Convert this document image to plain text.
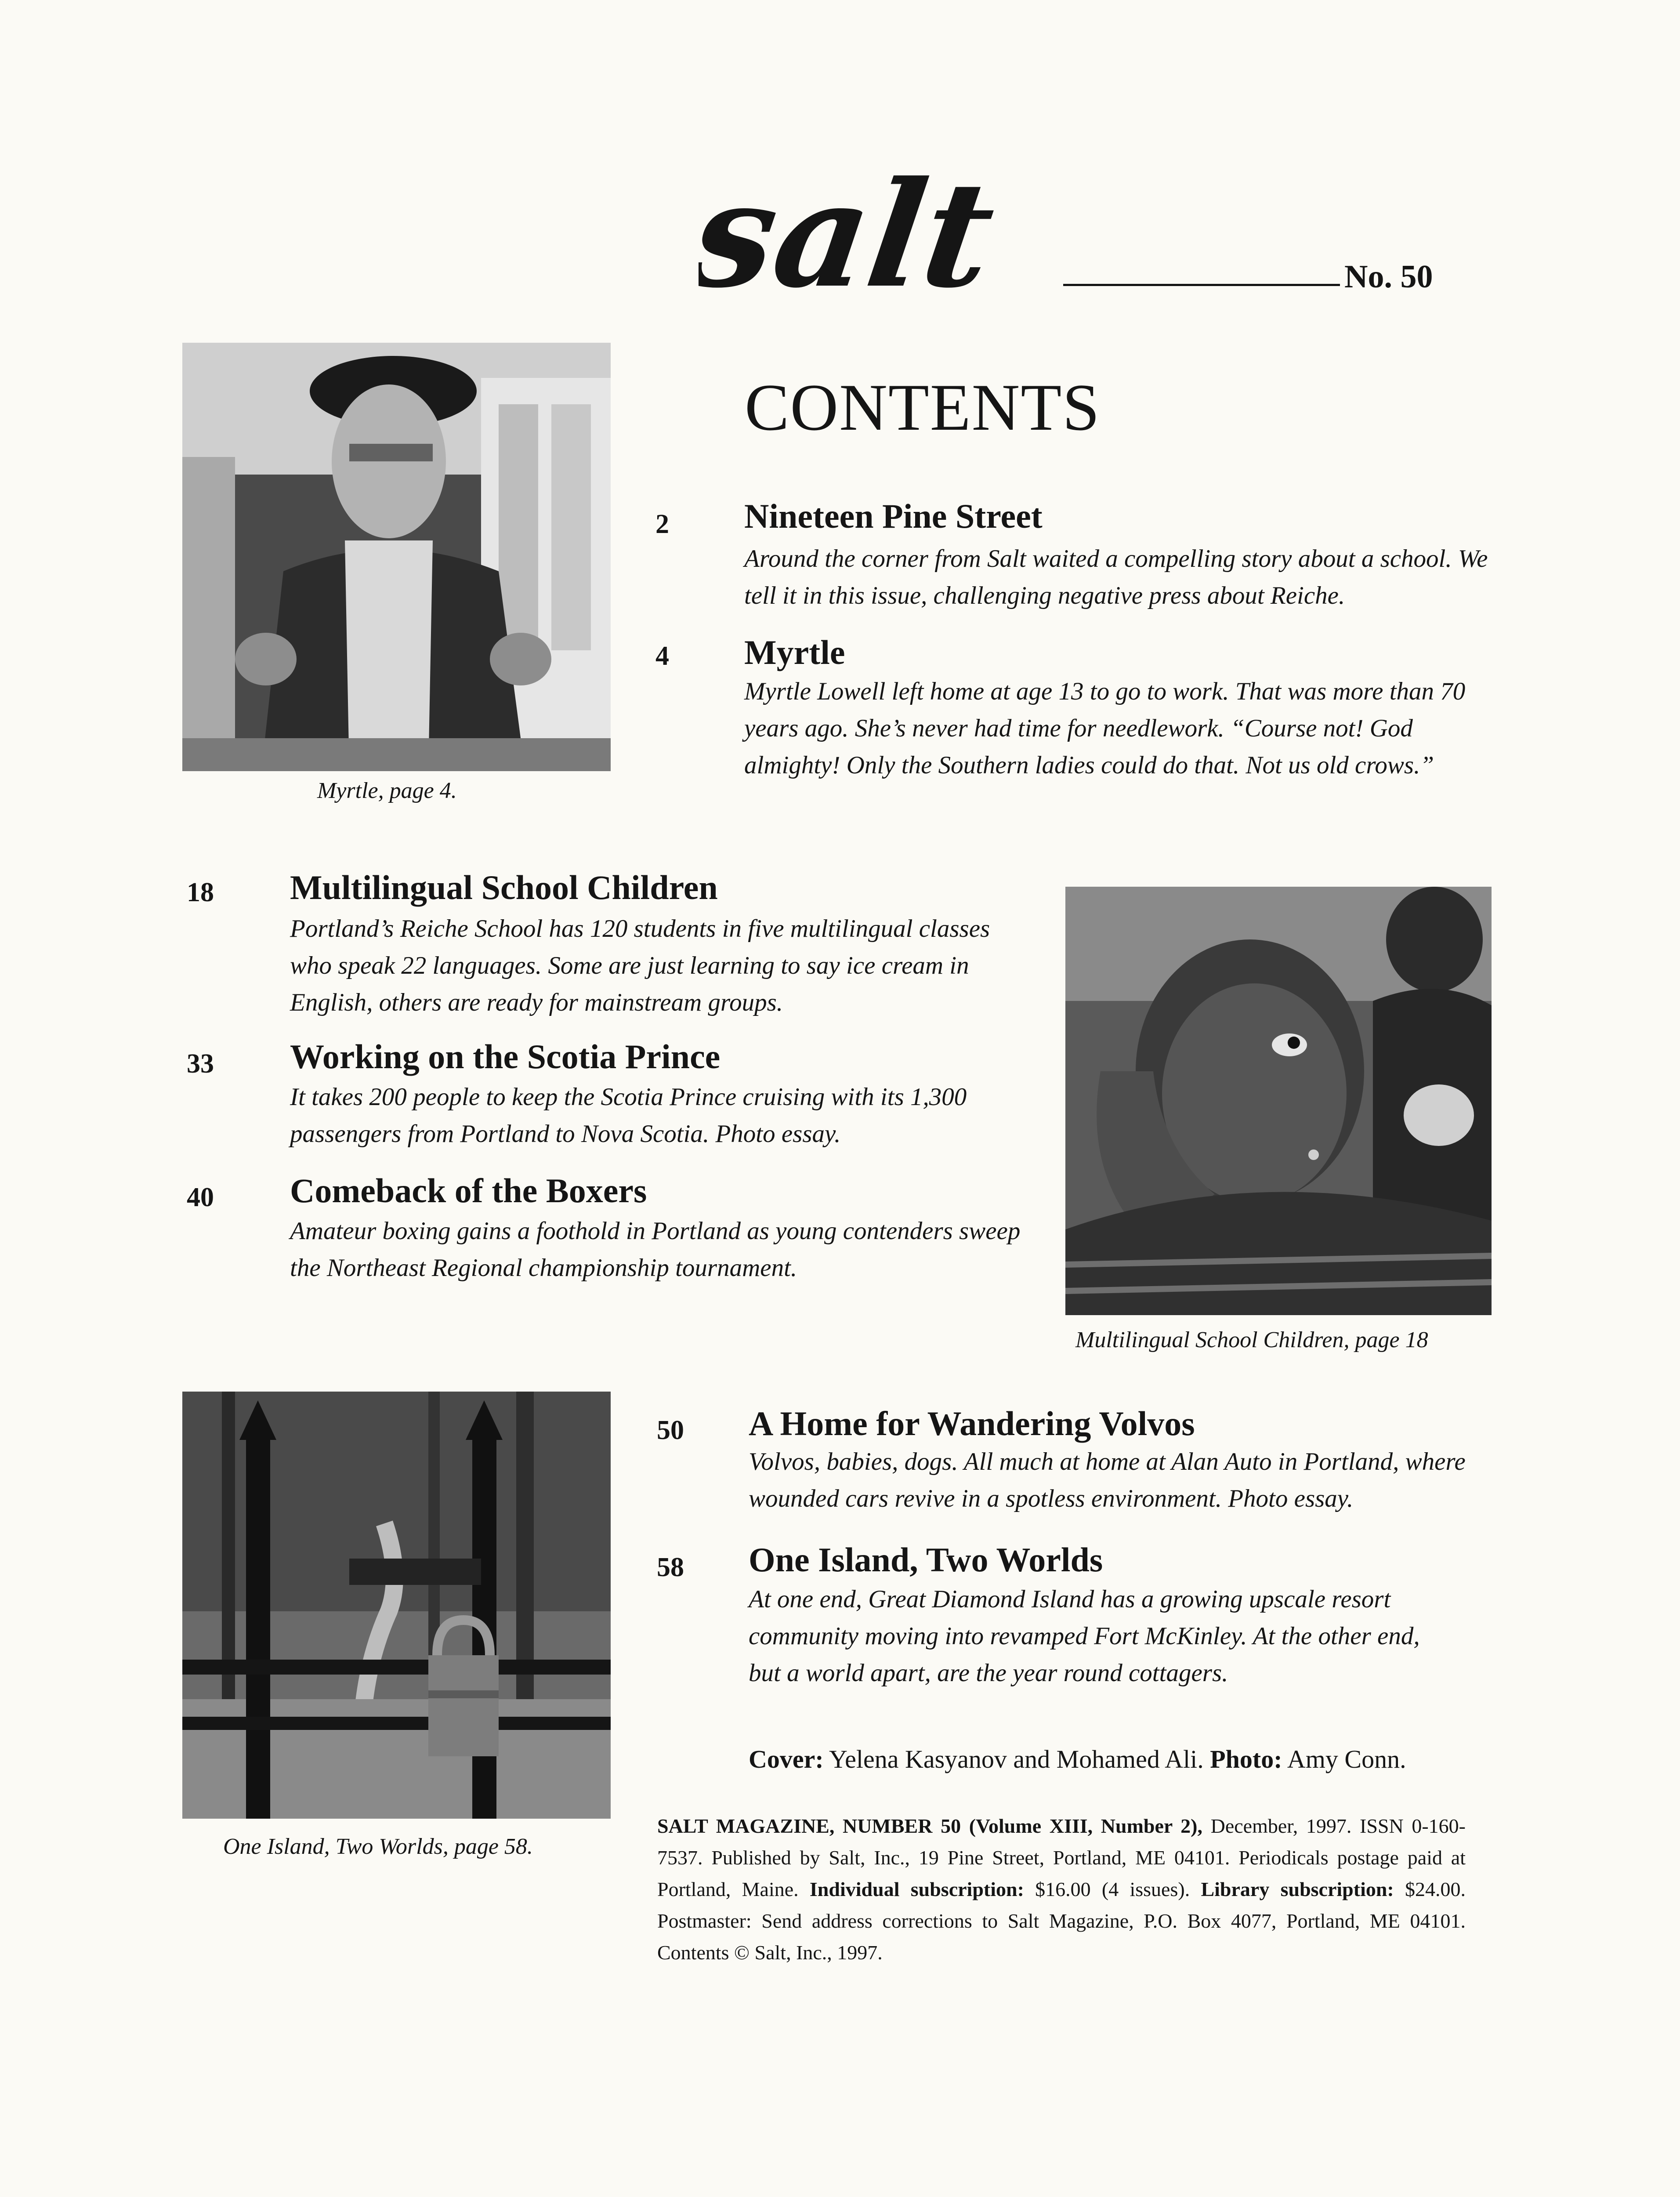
salt	No. 50
CONTENTS
Myrtle, page 4.
2 Nineteen Pine Street
Around the corner from Salt waited a compelling story about a school. We tell it in this issue, challenging negative press about Reiche.
4 Myrtle
Myrtle Lowell left home at age 13 to go to work. That was more than 70 years ago. She’s never had time for needlework. “Course not! God almighty! Only the Southern ladies could do that. Not us old crows.”
18 Multilingual School Children
Portland’s Reiche School has 120 students in five multilingual classes who speak 22 languages. Some are just learning to say ice cream in English, others are ready for mainstream groups.
33 Working on the Scotia Prince
It takes 200 people to keep the Scotia Prince cruising with its 1,300 passengers from Portland to Nova Scotia. Photo essay.
40 Comeback of the Boxers
Amateur boxing gains a foothold in Portland as young contenders sweep the Northeast Regional championship tournament.
Multilingual School Children, page 18
One Island, Two Worlds, page 58.
50 A Home for Wandering Volvos
Volvos, babies, dogs. All much at home at Alan Auto in Portland, where wounded cars revive in a spotless environment. Photo essay.
58 One Island, Two Worlds
At one end, Great Diamond Island has a growing upscale resort community moving into revamped Fort McKinley. At the other end, but a world apart, are the year round cottagers.
Cover: Yelena Kasyanov and Mohamed Ali. Photo: Amy Conn.
SALT MAGAZINE, NUMBER 50 (Volume XIII, Number 2), December, 1997. ISSN 0-160-7537. Published by Salt, Inc., 19 Pine Street, Portland, ME 04101. Periodicals postage paid at Portland, Maine. Individual subscription: $16.00 (4 issues). Library subscription: $24.00. Postmaster: Send address corrections to Salt Magazine, P.O. Box 4077, Portland, ME 04101. Contents © Salt, Inc., 1997.
